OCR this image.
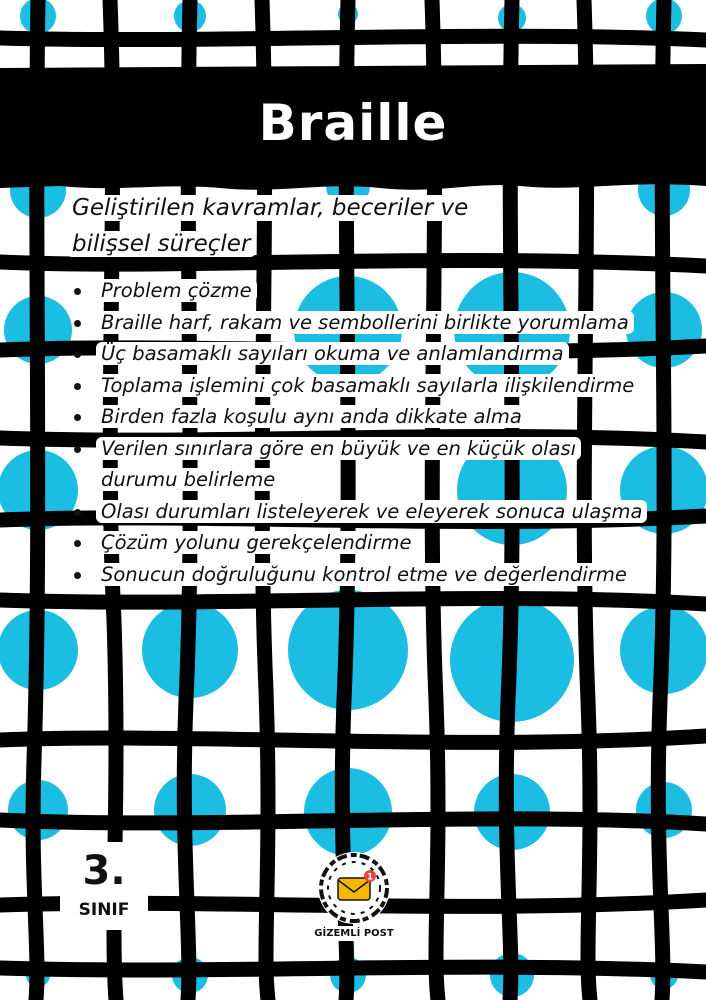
Braille
Geliştirilen kavramlar, beceriler ve bilişsel süreçler
Problem çözme
Braille harf, rakam ve sembollerini birlikte yorumlama
Üç basamaklı sayıları okuma ve anlamlandırma
Toplama işlemini çok basamaklı sayılarla ilişkilendirme
Birden fazla koşulu aynı anda dikkate alma
Verilen sınırlara göre en büyük ve en küçük olası durumu belirleme
Olası durumları listeleyerek ve eleyerek sonuca ulaşma
Çözüm yolunu gerekçelendirme
Sonucun doğruluğunu kontrol etme ve değerlendirme
3.
SINIF
1
GİZEMLİ POST
